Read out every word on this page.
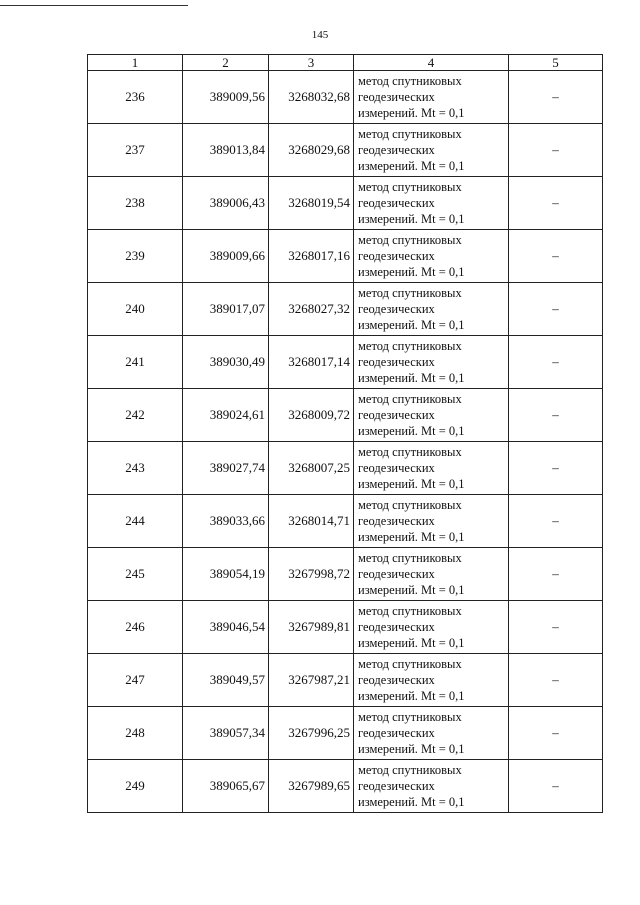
145
1	2	3	4	5
236	389009,56	3268032,68	метод спутниковых
геодезических
измерений. Mt = 0,1	–
237	389013,84	3268029,68	метод спутниковых
геодезических
измерений. Mt = 0,1	–
238	389006,43	3268019,54	метод спутниковых
геодезических
измерений. Mt = 0,1	–
239	389009,66	3268017,16	метод спутниковых
геодезических
измерений. Mt = 0,1	–
240	389017,07	3268027,32	метод спутниковых
геодезических
измерений. Mt = 0,1	–
241	389030,49	3268017,14	метод спутниковых
геодезических
измерений. Mt = 0,1	–
242	389024,61	3268009,72	метод спутниковых
геодезических
измерений. Mt = 0,1	–
243	389027,74	3268007,25	метод спутниковых
геодезических
измерений. Mt = 0,1	–
244	389033,66	3268014,71	метод спутниковых
геодезических
измерений. Mt = 0,1	–
245	389054,19	3267998,72	метод спутниковых
геодезических
измерений. Mt = 0,1	–
246	389046,54	3267989,81	метод спутниковых
геодезических
измерений. Mt = 0,1	–
247	389049,57	3267987,21	метод спутниковых
геодезических
измерений. Mt = 0,1	–
248	389057,34	3267996,25	метод спутниковых
геодезических
измерений. Mt = 0,1	–
249	389065,67	3267989,65	метод спутниковых
геодезических
измерений. Mt = 0,1	–
